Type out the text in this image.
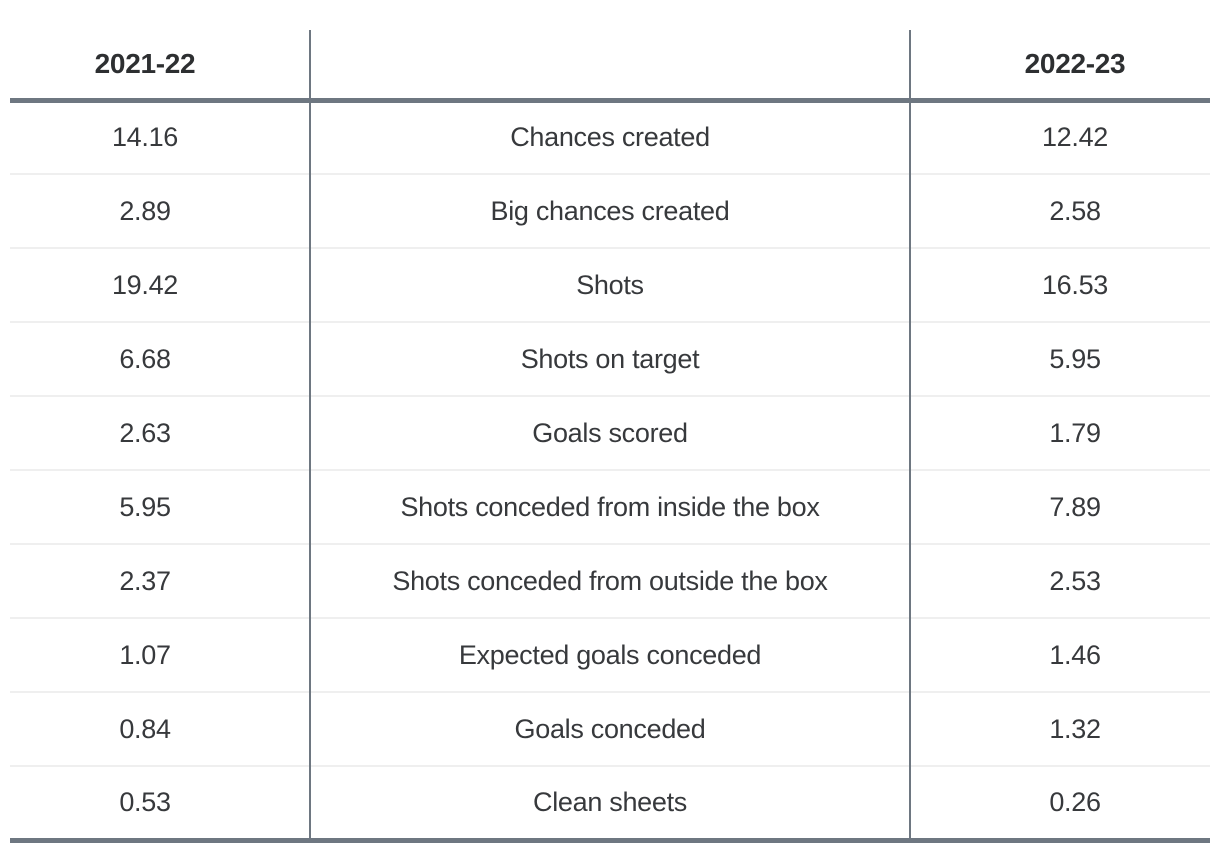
2021-22		2022-23
14.16	Chances created	12.42
2.89	Big chances created	2.58
19.42	Shots	16.53
6.68	Shots on target	5.95
2.63	Goals scored	1.79
5.95	Shots conceded from inside the box	7.89
2.37	Shots conceded from outside the box	2.53
1.07	Expected goals conceded	1.46
0.84	Goals conceded	1.32
0.53	Clean sheets	0.26
